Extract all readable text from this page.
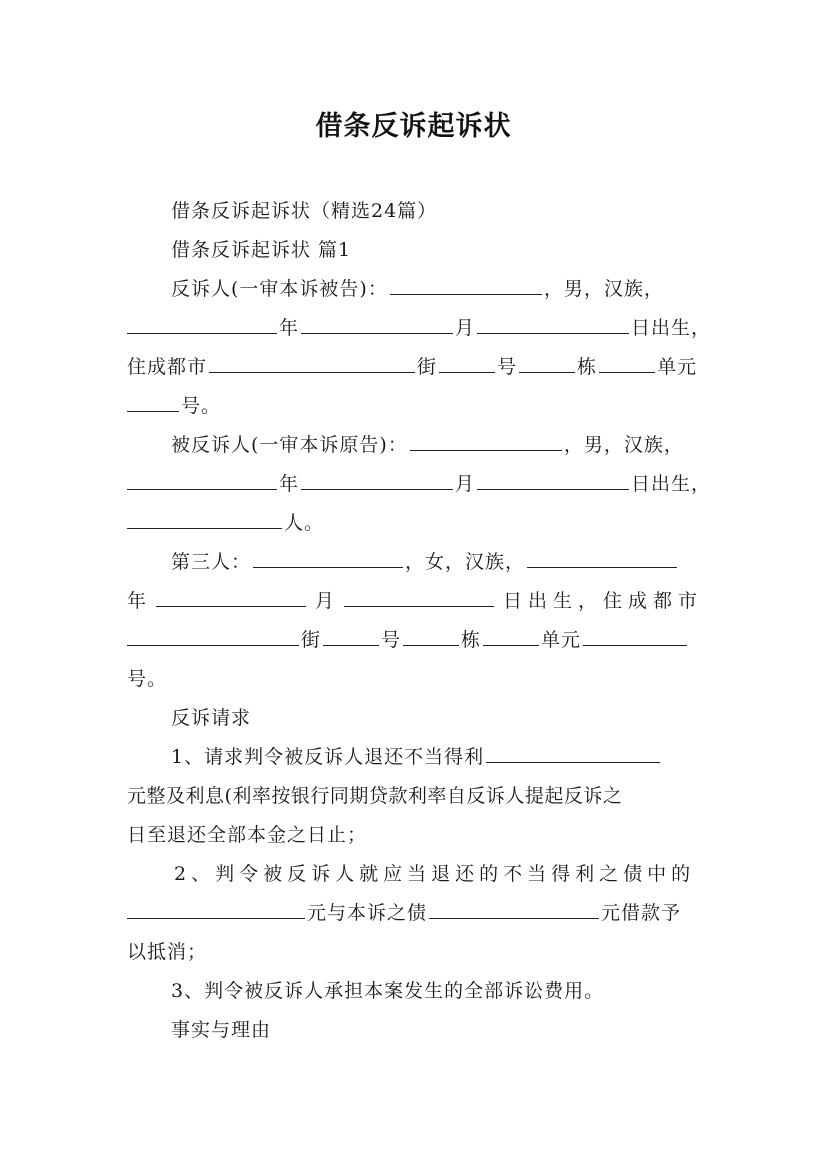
借条反诉起诉状
借条反诉起诉状（精选24篇）
借条反诉起诉状 篇1
反诉人(一审本诉被告)：	，男，汉族，
年	月	日出生，
住成都市	街	号	栋	单元
号。
被反诉人(一审本诉原告)：	，男，汉族，
年	月	日出生，
人。
第三人：	，女，汉族，
年	月	日出生，住成都市
街	号	栋	单元
号。
反诉请求
1、请求判令被反诉人退还不当得利
元整及利息(利率按银行同期贷款利率自反诉人提起反诉之
日至退还全部本金之日止；
2、判令被反诉人就应当退还的不当得利之债中的
元与本诉之债	元借款予
以抵消；
3、判令被反诉人承担本案发生的全部诉讼费用。
事实与理由
